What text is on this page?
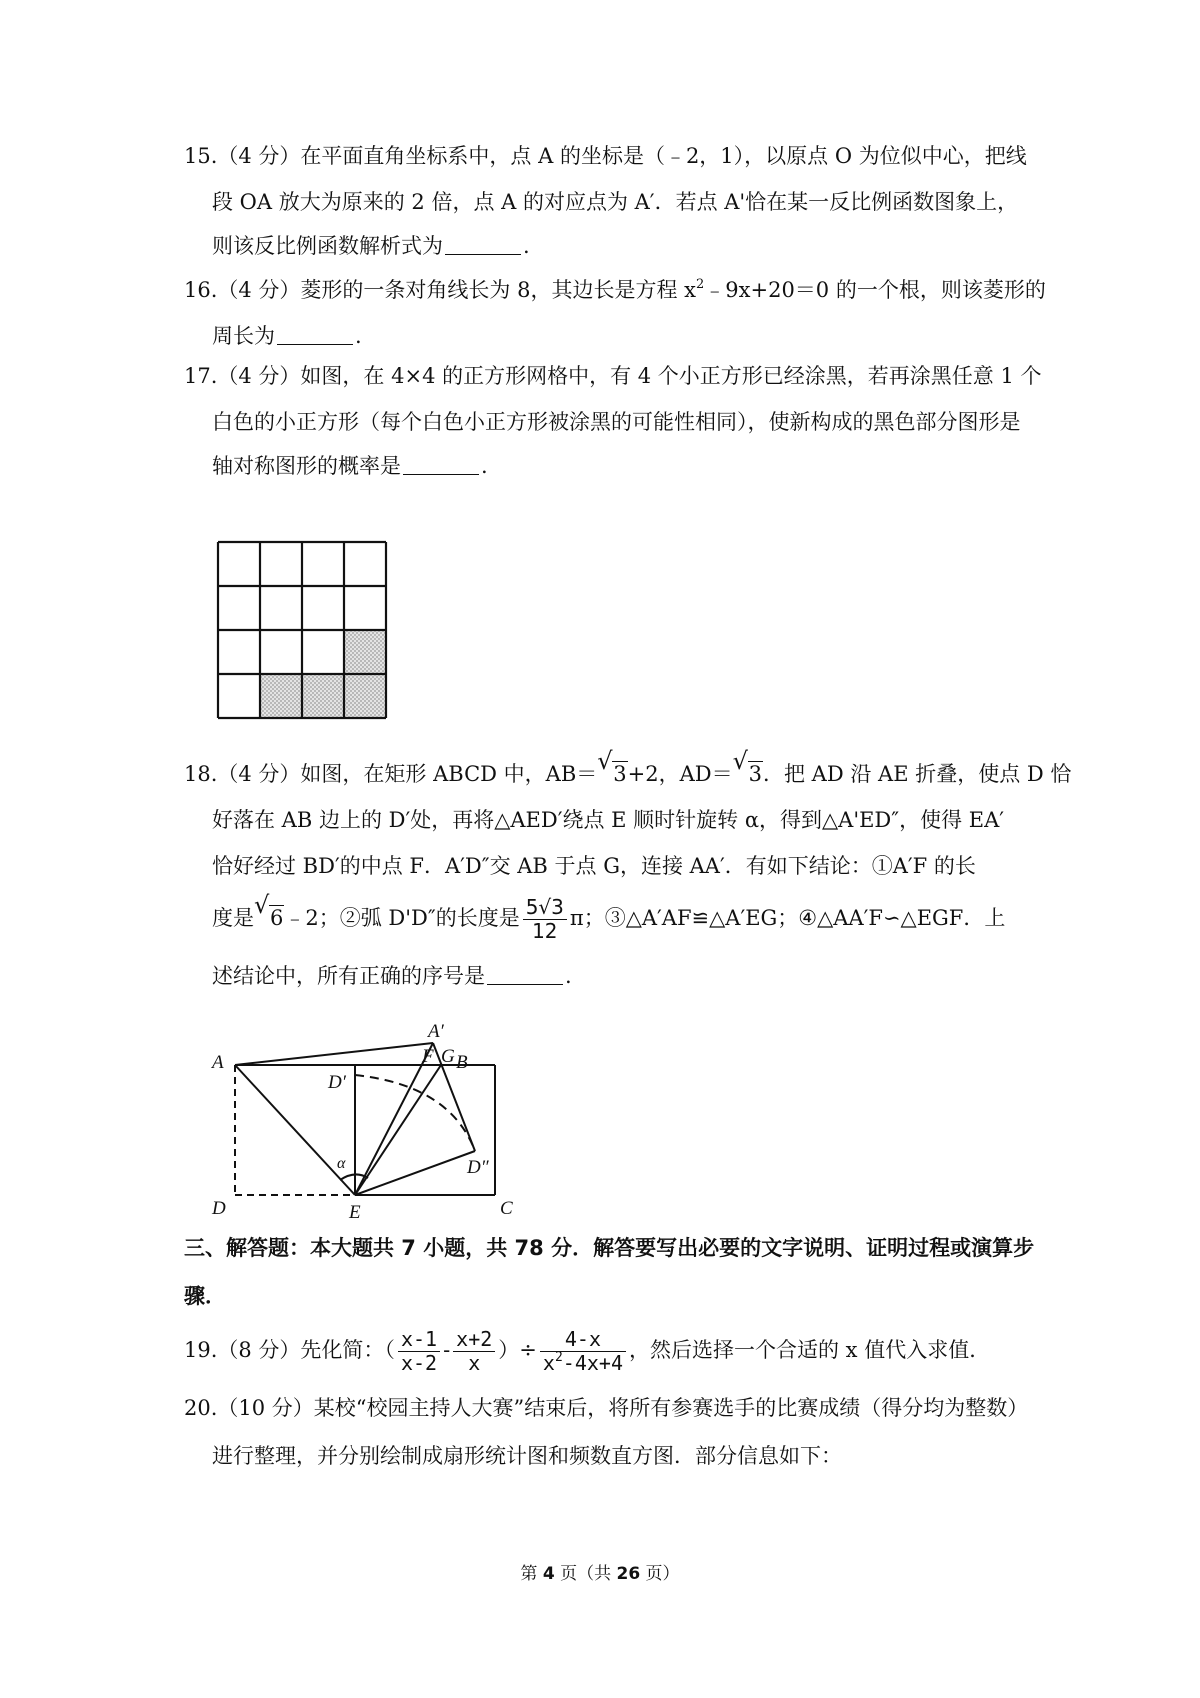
15.（4 分）在平面直角坐标系中，点 A 的坐标是（﹣2，1），以原点 O 为位似中心，把线
段 OA 放大为原来的 2 倍，点 A 的对应点为 A′．若点 A'恰在某一反比例函数图象上，
则该反比例函数解析式为	.
16.（4 分）菱形的一条对角线长为 8，其边长是方程 $x^2﹣9x+20=0$ 的一个根，则该菱形的
周长为	.
17.（4 分）如图，在 4×4 的正方形网格中，有 4 个小正方形已经涂黑，若再涂黑任意 1 个
白色的小正方形（每个白色小正方形被涂黑的可能性相同），使新构成的黑色部分图形是
轴对称图形的概率是	.
18.（4 分）如图，在矩形 ABCD 中，AB＝ √ 3+2，AD＝ √ 3．把 AD 沿 AE 折叠，使点 D 恰
好落在 AB 边上的 D′处，再将△AED′绕点 E 顺时针旋转 α，得到△A'ED″，使得 EA′
恰好经过 BD′的中点 F．A′D″交 AB 于点 G，连接 AA′．有如下结论：①A′F 的长
度是 √ 6﹣2；②弧 D'D″的长度是 $\frac{5√3}{12}$ π；③△A′AF≌△A′EG；④△AA′F∽△EGF．上
述结论中，所有正确的序号是	.
A	B
C
D	E
F G
A′
D′
D″
α
三、解答题：本大题共 7 小题，共 78 分．解答要写出必要的文字说明、证明过程或演算步
骤．
19.（8 分）先化简：（ $\frac{x-1}{x-2} - \frac{x+2}{x}$ ）÷ $\frac{4-x}{x^2-4x+4}$ ，然后选择一个合适的 x 值代入求值．
20.（10 分）某校“校园主持人大赛”结束后，将所有参赛选手的比赛成绩（得分均为整数）
进行整理，并分别绘制成扇形统计图和频数直方图．部分信息如下：
第 4 页（共 26 页）
